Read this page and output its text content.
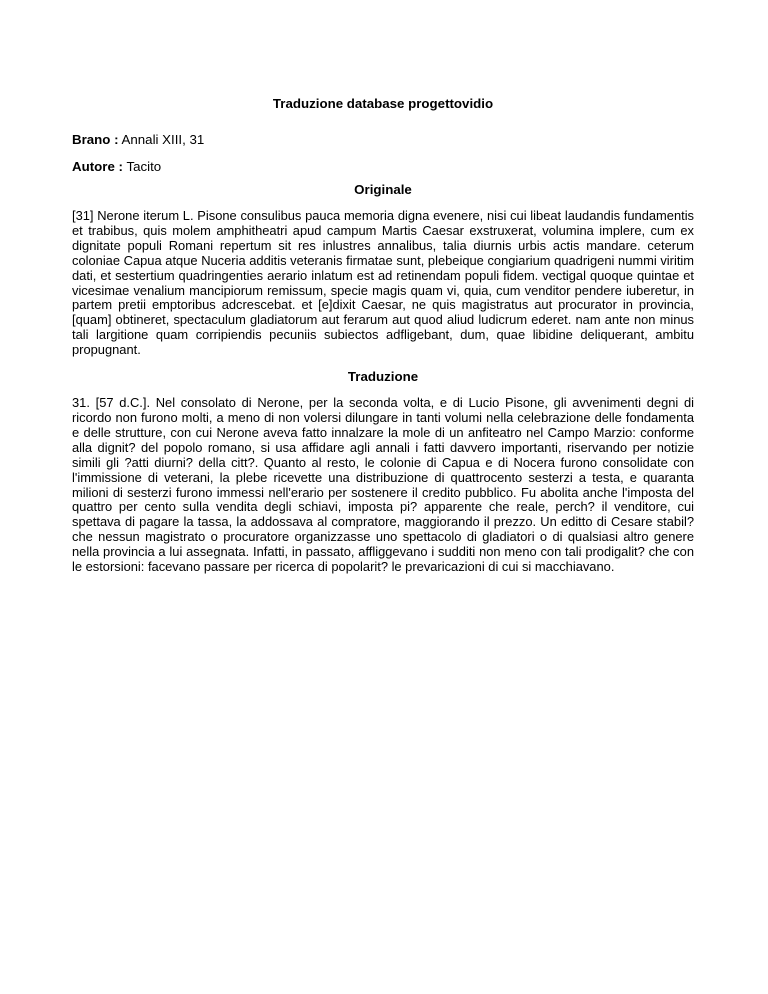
Traduzione database progettovidio
Brano : Annali XIII, 31
Autore : Tacito
Originale

[31] Nerone iterum L. Pisone consulibus pauca memoria digna evenere, nisi cui libeat laudandis fundamentis et trabibus, quis molem amphitheatri apud campum Martis Caesar exstruxerat, volumina implere, cum ex dignitate populi Romani repertum sit res inlustres annalibus, talia diurnis urbis actis mandare. ceterum coloniae Capua atque Nuceria additis veteranis firmatae sunt, plebeique congiarium quadrigeni nummi viritim dati, et sestertium quadringenties aerario inlatum est ad retinendam populi fidem. vectigal quoque quintae et vicesimae venalium mancipiorum remissum, specie magis quam vi, quia, cum venditor pendere iuberetur, in partem pretii emptoribus adcrescebat. et [e]dixit Caesar, ne quis magistratus aut procurator in provincia, [quam] obtineret, spectaculum gladiatorum aut ferarum aut quod aliud ludicrum ederet. nam ante non minus tali largitione quam corripiendis pecuniis subiectos adfligebant, dum, quae libidine deliquerant, ambitu propugnant.

Traduzione

31. [57 d.C.]. Nel consolato di Nerone, per la seconda volta, e di Lucio Pisone, gli avvenimenti degni di ricordo non furono molti, a meno di non volersi dilungare in tanti volumi nella celebrazione delle fondamenta e delle strutture, con cui Nerone aveva fatto innalzare la mole di un anfiteatro nel Campo Marzio: conforme alla dignit? del popolo romano, si usa affidare agli annali i fatti davvero importanti, riservando per notizie simili gli ?atti diurni? della citt?. Quanto al resto, le colonie di Capua e di Nocera furono consolidate con l'immissione di veterani, la plebe ricevette una distribuzione di quattrocento sesterzi a testa, e quaranta milioni di sesterzi furono immessi nell'erario per sostenere il credito pubblico. Fu abolita anche l'imposta del quattro per cento sulla vendita degli schiavi, imposta pi? apparente che reale, perch? il venditore, cui spettava di pagare la tassa, la addossava al compratore, maggiorando il prezzo. Un editto di Cesare stabil? che nessun magistrato o procuratore organizzasse uno spettacolo di gladiatori o di qualsiasi altro genere nella provincia a lui assegnata. Infatti, in passato, affliggevano i sudditi non meno con tali prodigalit? che con le estorsioni: facevano passare per ricerca di popolarit? le prevaricazioni di cui si macchiavano.
